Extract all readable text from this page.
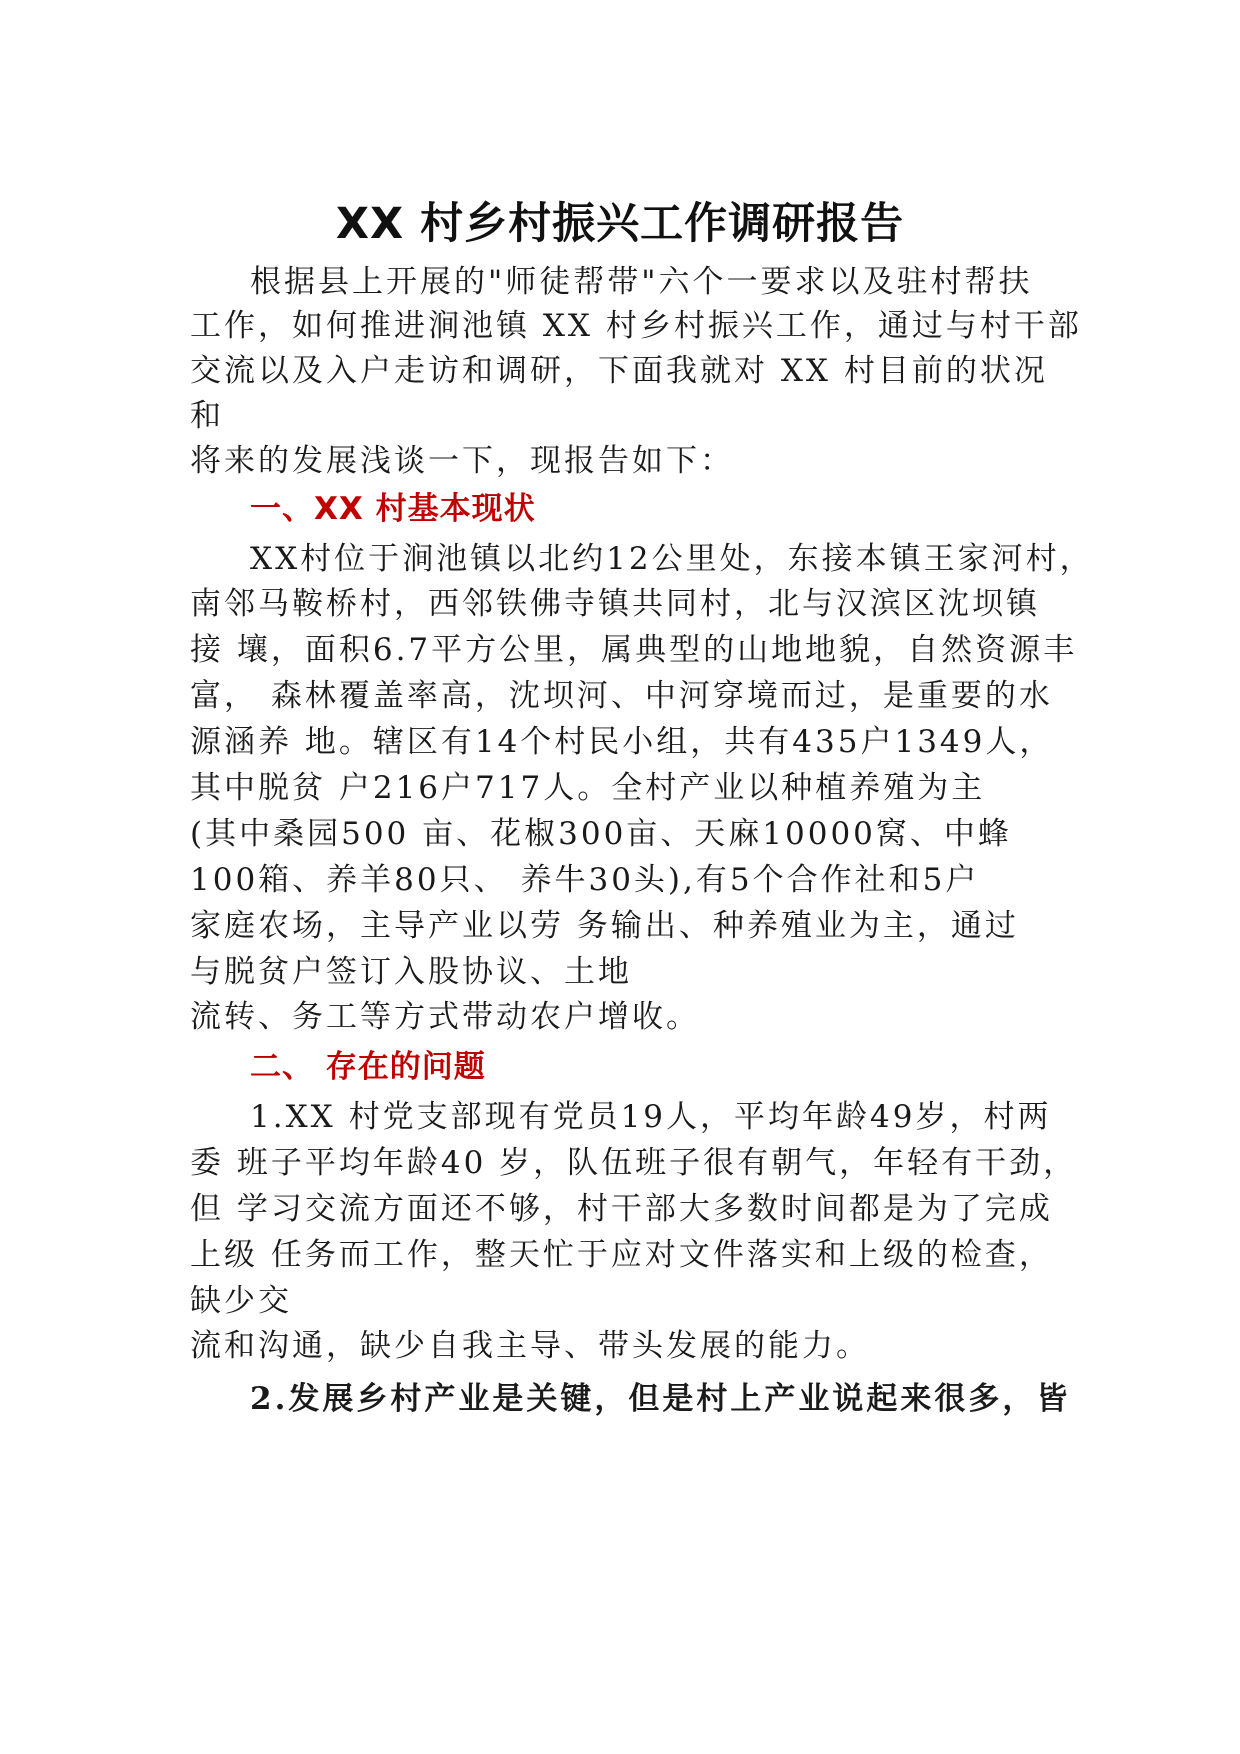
XX 村乡村振兴工作调研报告
根据县上开展的"师徒帮带"六个一要求以及驻村帮扶
工作，如何推进涧池镇 XX 村乡村振兴工作，通过与村干部
交流以及入户走访和调研，下面我就对 XX 村目前的状况
和
将来的发展浅谈一下，现报告如下：
一、XX 村基本现状
XX村位于涧池镇以北约12公里处，东接本镇王家河村，
南邻马鞍桥村，西邻铁佛寺镇共同村，北与汉滨区沈坝镇
接 壤，面积6.7平方公里，属典型的山地地貌，自然资源丰
富， 森林覆盖率高，沈坝河、中河穿境而过，是重要的水
源涵养 地。辖区有14个村民小组，共有435户1349人，
其中脱贫 户216户717人。全村产业以种植养殖为主
(其中桑园500 亩、花椒300亩、天麻10000窝、中蜂
100箱、养羊80只、 养牛30头),有5个合作社和5户
家庭农场，主导产业以劳 务输出、种养殖业为主，通过
与脱贫户签订入股协议、土地
流转、务工等方式带动农户增收。
二、 存在的问题
1.XX 村党支部现有党员19人，平均年龄49岁，村两
委 班子平均年龄40 岁，队伍班子很有朝气，年轻有干劲，
但 学习交流方面还不够，村干部大多数时间都是为了完成
上级 任务而工作，整天忙于应对文件落实和上级的检查，
缺少交
流和沟通，缺少自我主导、带头发展的能力。
2.发展乡村产业是关键，但是村上产业说起来很多，皆
